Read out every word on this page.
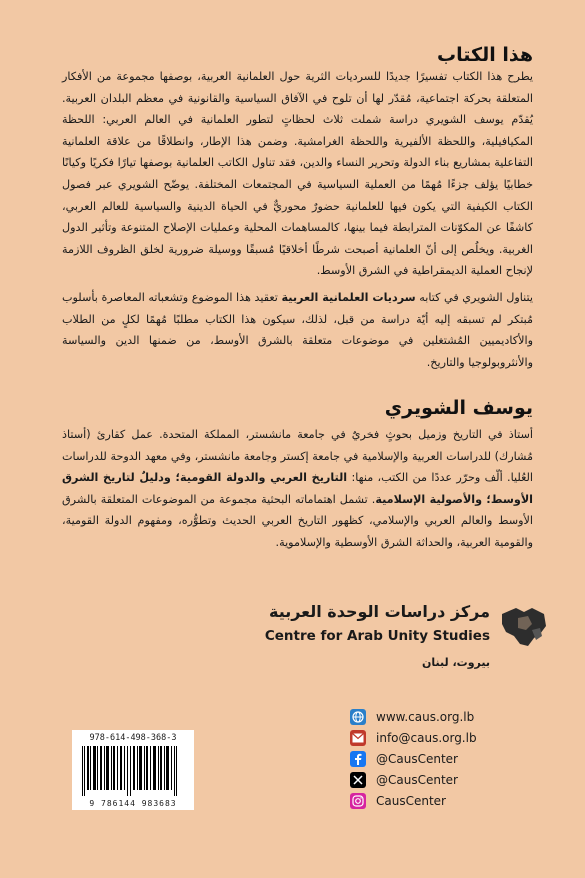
هذا الكتاب
يطرح هذا الكتاب تفسيرًا جديدًا للسرديات الثرية حول العلمانية العربية، بوصفها مجموعة من الأفكار المتعلقة بحركة اجتماعية، مُقدّر لها أن تلوح في الآفاق السياسية والقانونية في معظم البلدان العربية. يُقدّم يوسف الشويري دراسة شملت ثلاث لحظاتٍ لتطور العلمانية في العالم العربي: اللحظة المكيافيلية، واللحظة الألفيرية واللحظة الغرامشية. وضمن هذا الإطار، وانطلاقًا من علاقة العلمانية التفاعلية بمشاريع بناء الدولة وتحرير النساء والدين، فقد تناول الكاتب العلمانية بوصفها تيارًا فكريًا وكيانًا خطابيًا يؤلف جزءًا مُهمًا من العملية السياسية في المجتمعات المختلفة. يوضّح الشويري عبر فصول الكتاب الكيفية التي يكون فيها للعلمانية حضورٌ محوريٌّ في الحياة الدينية والسياسية للعالم العربي، كاشفًا عن المكوّنات المترابطة فيما بينها، كالمساهمات المحلية وعمليات الإصلاح المتنوعة وتأثير الدول الغربية. ويخلُص إلى أنّ العلمانية أصبحت شرطًا أخلاقيًا مُسبقًا ووسيلة ضرورية لخلق الظروف اللازمة لإنجاح العملية الديمقراطية في الشرق الأوسط.
يتناول الشويري في كتابه سرديات العلمانية العربية تعقيد هذا الموضوع وتشعباته المعاصرة بأسلوب مُبتكر لم تسبقه إليه أيّة دراسة من قبل، لذلك، سيكون هذا الكتاب مطلبًا مُهمًا لكلٍ من الطلاب والأكاديميين المُشتغلين في موضوعات متعلقة بالشرق الأوسط، من ضمنها الدين والسياسة والأنثروبولوجيا والتاريخ.
يوسف الشويري
أستاذ في التاريخ وزميل بحوثٍ فخريٌ في جامعة مانشستر، المملكة المتحدة. عمل كقارئ (أستاذ مُشارك) للدراسات العربية والإسلامية في جامعة إكستر وجامعة مانشستر، وفي معهد الدوحة للدراسات العُليا. ألّف وحرّر عددًا من الكتب، منها: التاريخ العربي والدولة القومية؛ ودليلٌ لتاريخ الشرق الأوسط؛ والأصولية الإسلامية. تشمل اهتماماته البحثية مجموعة من الموضوعات المتعلقة بالشرق الأوسط والعالم العربي والإسلامي، كظهور التاريخ العربي الحديث وتطوُّره، ومفهوم الدولة القومية، والقومية العربية، والحداثة الشرق الأوسطية والإسلاموية.
مركز دراسات الوحدة العربية
Centre for Arab Unity Studies
بيروت، لبنان
978-614-498-368-3
9 786144 983683
www.caus.org.lb
info@caus.org.lb
@CausCenter
@CausCenter
CausCenter
